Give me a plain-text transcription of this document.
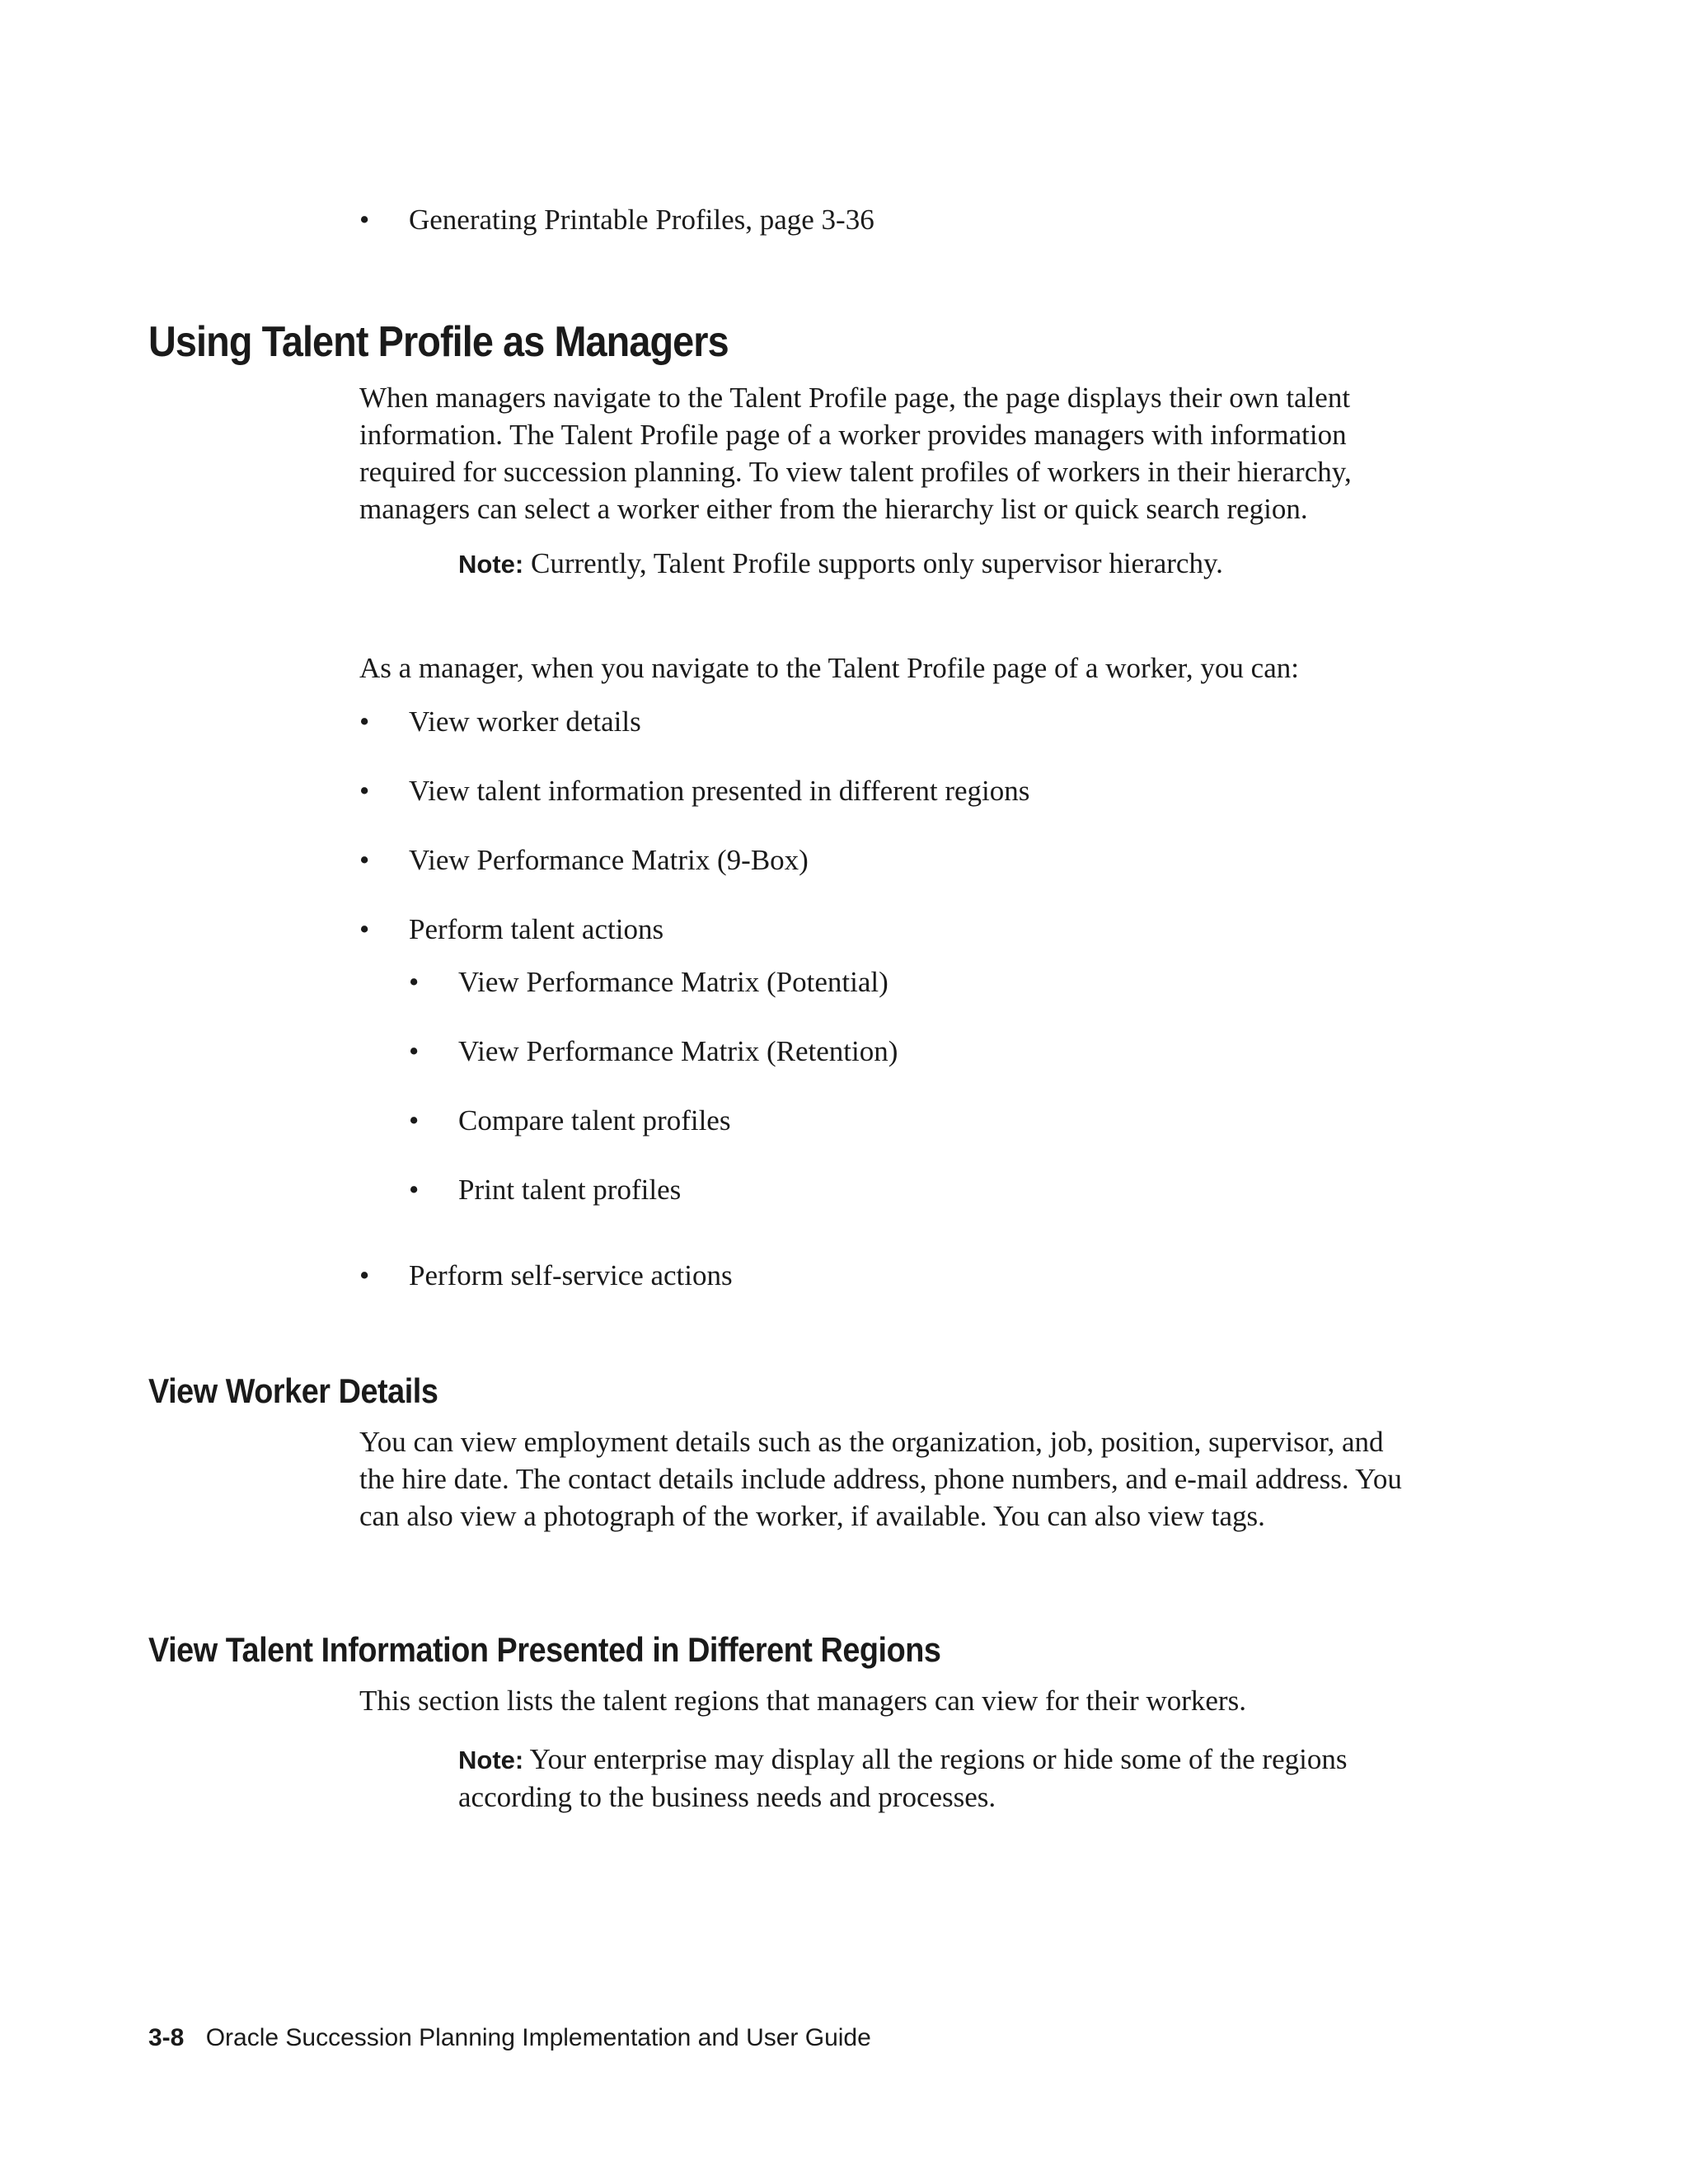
•	Generating Printable Profiles, page 3-36
Using Talent Profile as Managers

When managers navigate to the Talent Profile page, the page displays their own talent information. The Talent Profile page of a worker provides managers with information required for succession planning. To view talent profiles of workers in their hierarchy, managers can select a worker either from the hierarchy list or quick search region.

Note: Currently, Talent Profile supports only supervisor hierarchy.

As a manager, when you navigate to the Talent Profile page of a worker, you can:

•	View worker details
•	View talent information presented in different regions
•	View Performance Matrix (9-Box)
•	Perform talent actions
•	View Performance Matrix (Potential)
•	View Performance Matrix (Retention)
•	Compare talent profiles
•	Print talent profiles
•	Perform self-service actions
View Worker Details

You can view employment details such as the organization, job, position, supervisor, and the hire date. The contact details include address, phone numbers, and e-mail address. You can also view a photograph of the worker, if available. You can also view tags.

View Talent Information Presented in Different Regions

This section lists the talent regions that managers can view for their workers.

Note: Your enterprise may display all the regions or hide some of the regions according to the business needs and processes.

3-8 Oracle Succession Planning Implementation and User Guide
